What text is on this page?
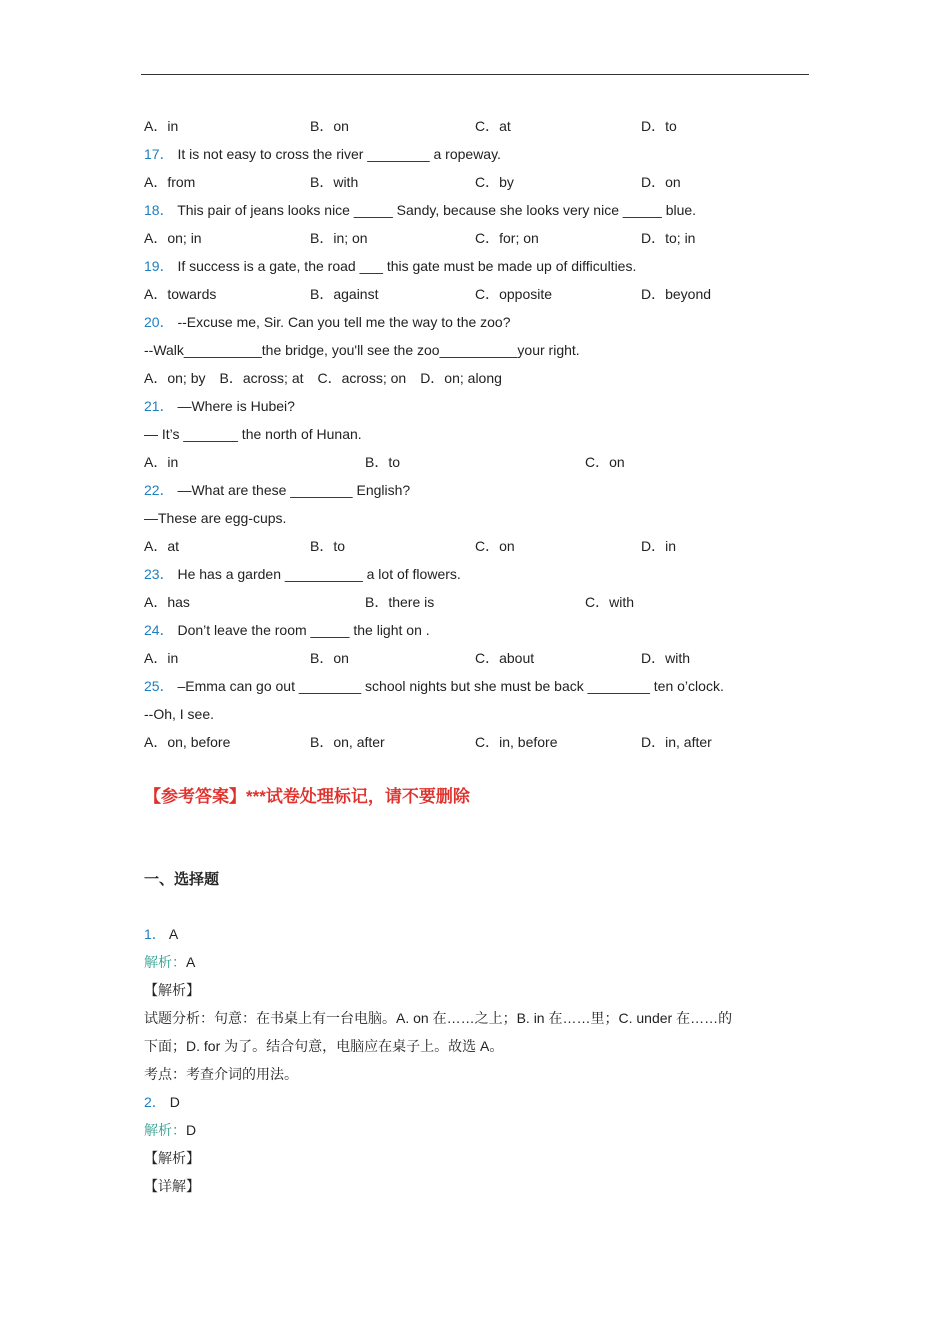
A．in	B．on	C．at	D．to
17． It is not easy to cross the river ________ a ropeway.
A．from	B．with	C．by	D．on
18． This pair of jeans looks nice _____ Sandy, because she looks very nice _____ blue.
A．on; in	B．in; on	C．for; on	D．to; in
19． If success is a gate, the road ___ this gate must be made up of difficulties.
A．towards	B．against	C．opposite	D．beyond
20． --Excuse me, Sir. Can you tell me the way to the zoo?
--Walk__________the bridge, you'll see the zoo__________your right.
A．on; by　B．across; at　C．across; on　D．on; along
21． —Where is Hubei?
— It’s _______ the north of Hunan.
A．in	B．to	C．on
22． —What are these ________ English?
—These are egg-cups.
A．at	B．to	C．on	D．in
23． He has a garden __________ a lot of flowers.
A．has	B．there is	C．with
24． Don’t leave the room _____ the light on .
A．in	B．on	C．about	D．with
25． –Emma can go out ________ school nights but she must be back ________ ten o’clock.
--Oh, I see.
A．on, before	B．on, after	C．in, before	D．in, after
【参考答案】***试卷处理标记，请不要删除
一、选择题
1． A
解析：A
【解析】
试题分析：句意：在书桌上有一台电脑。A. on 在……之上；B. in 在……里；C. under 在……的
下面；D. for 为了。结合句意，电脑应在桌子上。故选 A。
考点：考查介词的用法。
2． D
解析：D
【解析】
【详解】
